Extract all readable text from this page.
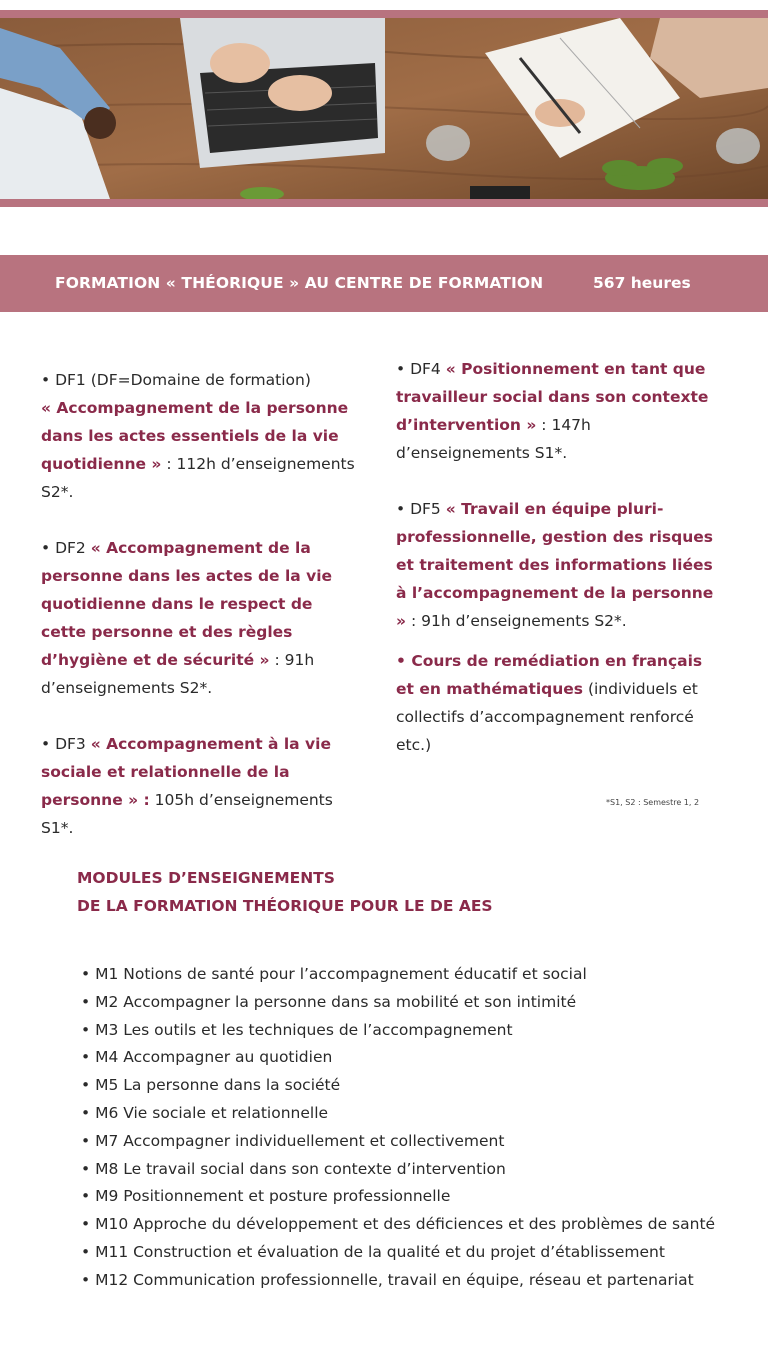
FORMATION « THÉORIQUE » AU CENTRE DE FORMATION	567 heures

• DF1 (DF=Domaine de formation)
« Accompagnement de la personne dans les actes essentiels de la vie quotidienne » : 112h d’enseignements S2*.

• DF2 « Accompagnement de la personne dans les actes de la vie quotidienne dans le respect de cette personne et des règles d’hygiène et de sécurité » : 91h d’enseignements S2*.

• DF3 « Accompagnement à la vie sociale et relationnelle de la personne » : 105h d’enseignements S1*.

• DF4 « Positionnement en tant que travailleur social dans son contexte d’intervention » : 147h d’enseignements S1*.

• DF5 « Travail en équipe pluri-professionnelle, gestion des risques et traitement des informations liées à l’accompagnement de la personne » : 91h d’enseignements S2*.

• Cours de remédiation en français et en mathématiques (individuels et collectifs d’accompagnement renforcé etc.)

*S1, S2 : Semestre 1, 2
MODULES D’ENSEIGNEMENTS
DE LA FORMATION THÉORIQUE POUR LE DE AES
• M1 Notions de santé pour l’accompagnement éducatif et social
• M2 Accompagner la personne dans sa mobilité et son intimité
• M3 Les outils et les techniques de l’accompagnement
• M4 Accompagner au quotidien
• M5 La personne dans la société
• M6 Vie sociale et relationnelle
• M7 Accompagner individuellement et collectivement
• M8 Le travail social dans son contexte d’intervention
• M9 Positionnement et posture professionnelle
• M10 Approche du développement et des déficiences et des problèmes de santé
• M11 Construction et évaluation de la qualité et du projet d’établissement
• M12 Communication professionnelle, travail en équipe, réseau et partenariat
